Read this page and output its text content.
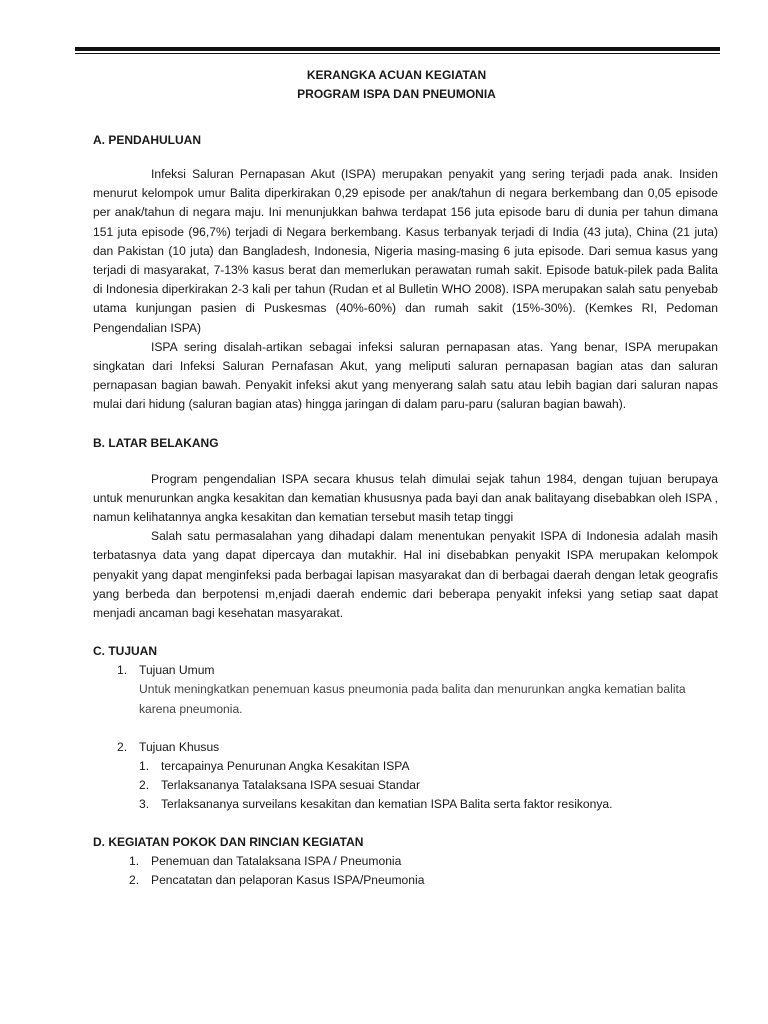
KERANGKA ACUAN KEGIATAN
PROGRAM ISPA DAN PNEUMONIA
A. PENDAHULUAN

Infeksi Saluran Pernapasan Akut (ISPA) merupakan penyakit yang sering terjadi pada anak. Insiden menurut kelompok umur Balita diperkirakan 0,29 episode per anak/tahun di negara berkembang dan 0,05 episode per anak/tahun di negara maju. Ini menunjukkan bahwa terdapat 156 juta episode baru di dunia per tahun dimana 151 juta episode (96,7%) terjadi di Negara berkembang. Kasus terbanyak terjadi di India (43 juta), China (21 juta) dan Pakistan (10 juta) dan Bangladesh, Indonesia, Nigeria masing-masing 6 juta episode. Dari semua kasus yang terjadi di masyarakat, 7-13% kasus berat dan memerlukan perawatan rumah sakit. Episode batuk-pilek pada Balita di Indonesia diperkirakan 2-3 kali per tahun (Rudan et al Bulletin WHO 2008). ISPA merupakan salah satu penyebab utama kunjungan pasien di Puskesmas (40%-60%) dan rumah sakit (15%-30%). (Kemkes RI, Pedoman Pengendalian ISPA)

ISPA sering disalah-artikan sebagai infeksi saluran pernapasan atas. Yang benar, ISPA merupakan singkatan dari Infeksi Saluran Pernafasan Akut, yang meliputi saluran pernapasan bagian atas dan saluran pernapasan bagian bawah. Penyakit infeksi akut yang menyerang salah satu atau lebih bagian dari saluran napas mulai dari hidung (saluran bagian atas) hingga jaringan di dalam paru-paru (saluran bagian bawah).

B. LATAR BELAKANG

Program pengendalian ISPA secara khusus telah dimulai sejak tahun 1984, dengan tujuan berupaya untuk menurunkan angka kesakitan dan kematian khususnya pada bayi dan anak balitayang disebabkan oleh ISPA , namun kelihatannya angka kesakitan dan kematian tersebut masih tetap tinggi

Salah satu permasalahan yang dihadapi dalam menentukan penyakit ISPA di Indonesia adalah masih terbatasnya data yang dapat dipercaya dan mutakhir. Hal ini disebabkan penyakit ISPA merupakan kelompok penyakit yang dapat menginfeksi pada berbagai lapisan masyarakat dan di berbagai daerah dengan letak geografis yang berbeda dan berpotensi m,enjadi daerah endemic dari beberapa penyakit infeksi yang setiap saat dapat menjadi ancaman bagi kesehatan masyarakat.

C. TUJUAN
1. Tujuan Umum
Untuk meningkatkan penemuan kasus pneumonia pada balita dan menurunkan angka kematian balita karena pneumonia.
2. Tujuan Khusus
1. tercapainya Penurunan Angka Kesakitan ISPA
2. Terlaksananya Tatalaksana ISPA sesuai Standar
3. Terlaksananya surveilans kesakitan dan kematian ISPA Balita serta faktor resikonya.
D. KEGIATAN POKOK DAN RINCIAN KEGIATAN
1. Penemuan dan Tatalaksana ISPA / Pneumonia
2. Pencatatan dan pelaporan Kasus ISPA/Pneumonia
